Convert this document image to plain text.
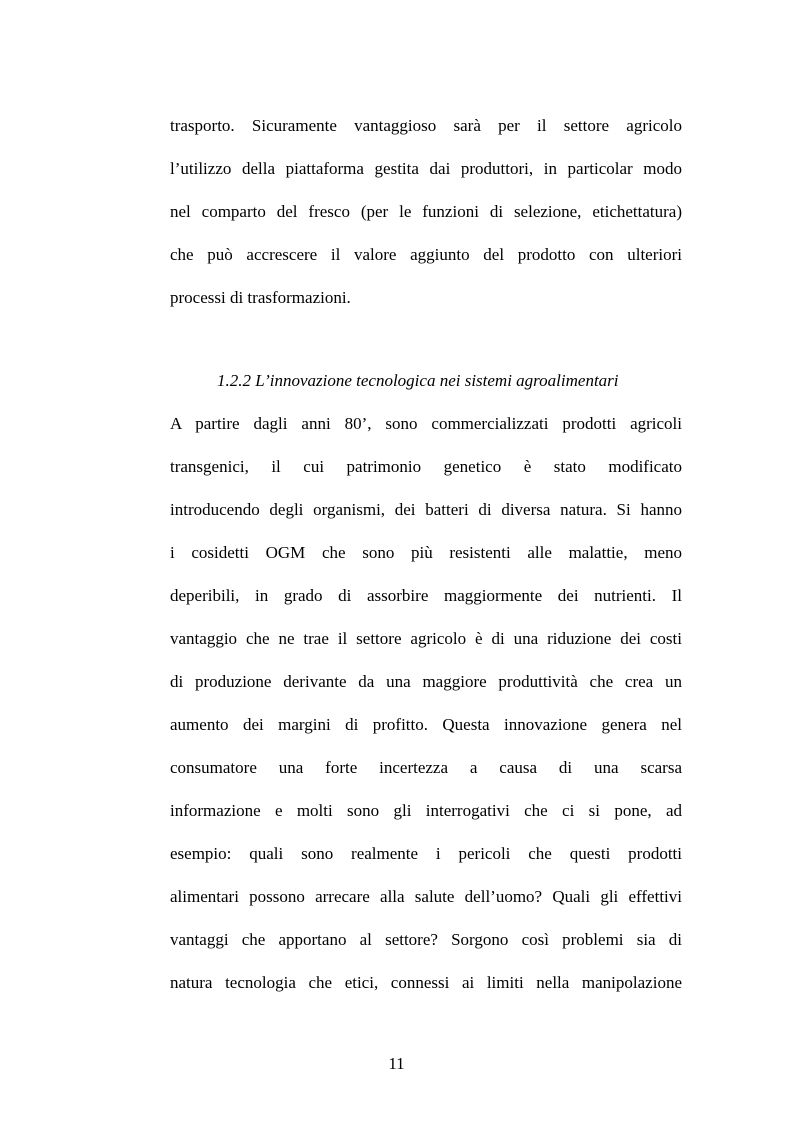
trasporto. Sicuramente vantaggioso sarà per il settore agricolo
l’utilizzo della piattaforma gestita dai produttori, in particolar modo
nel comparto del fresco (per le funzioni di selezione, etichettatura)
che può accrescere il valore aggiunto del prodotto con ulteriori
processi di trasformazioni.
1.2.2 L’innovazione tecnologica nei sistemi agroalimentari
A partire dagli anni 80’, sono commercializzati prodotti agricoli
transgenici, il cui patrimonio genetico è stato modificato
introducendo degli organismi, dei batteri di diversa natura. Si hanno
i cosidetti OGM che sono più resistenti alle malattie, meno
deperibili, in grado di assorbire maggiormente dei nutrienti. Il
vantaggio che ne trae il settore agricolo è di una riduzione dei costi
di produzione derivante da una maggiore produttività che crea un
aumento dei margini di profitto. Questa innovazione genera nel
consumatore una forte incertezza a causa di una scarsa
informazione e molti sono gli interrogativi che ci si pone, ad
esempio: quali sono realmente i pericoli che questi prodotti
alimentari possono arrecare alla salute dell’uomo? Quali gli effettivi
vantaggi che apportano al settore? Sorgono così problemi sia di
natura tecnologia che etici, connessi ai limiti nella manipolazione
11
